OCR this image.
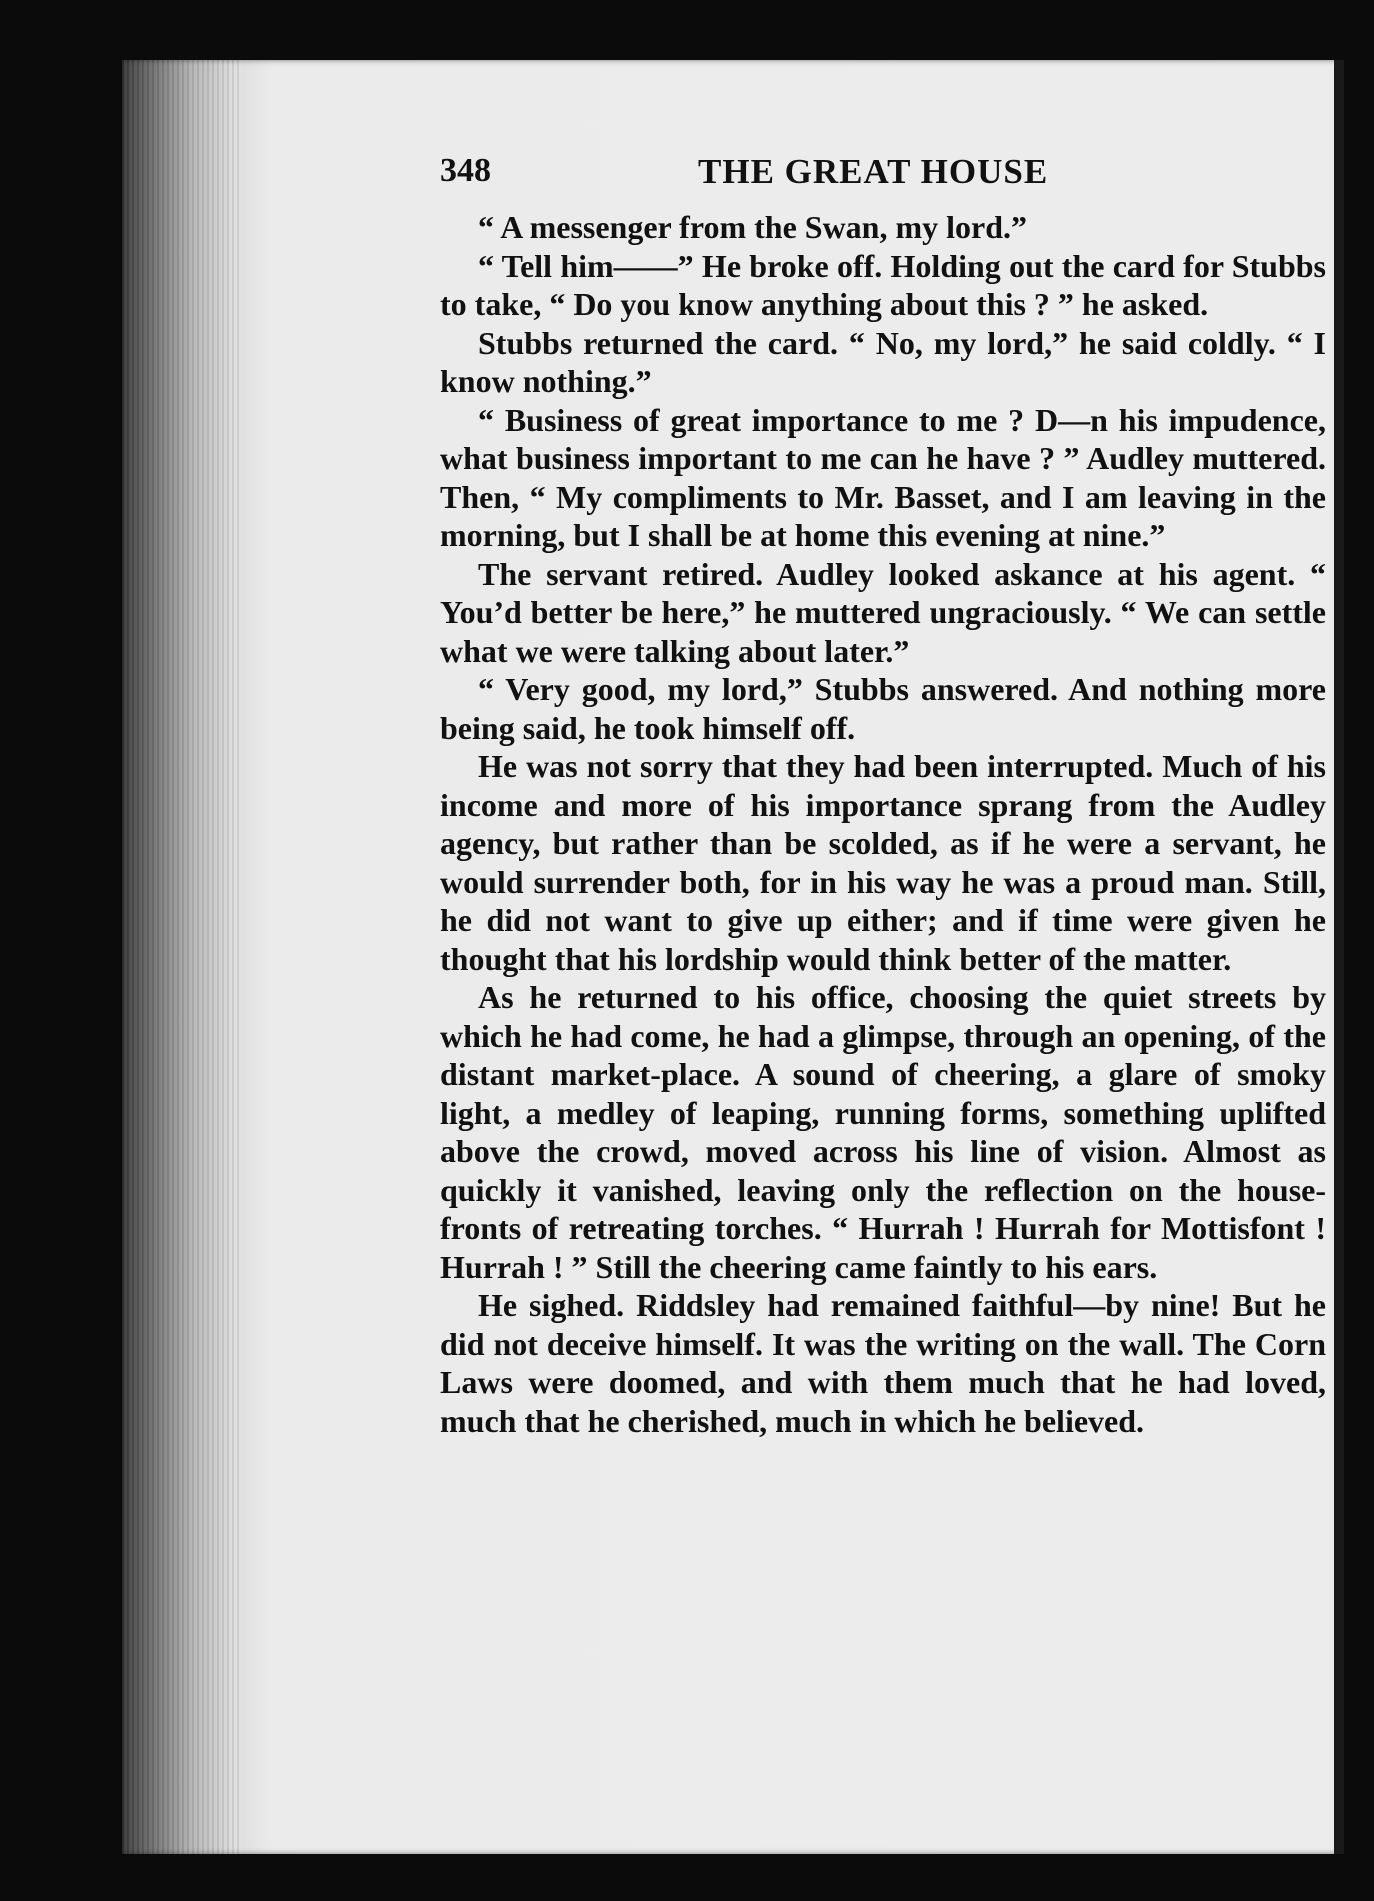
348	THE GREAT HOUSE

“ A messenger from the Swan, my lord.”

“ Tell him——” He broke off. Holding out the card for Stubbs to take, “ Do you know anything about this ? ” he asked.

Stubbs returned the card. “ No, my lord,” he said coldly. “ I know nothing.”

“ Business of great importance to me ? D—n his impudence, what business important to me can he have ? ” Audley muttered. Then, “ My compliments to Mr. Basset, and I am leaving in the morning, but I shall be at home this evening at nine.”

The servant retired. Audley looked askance at his agent. “ You’d better be here,” he muttered ungraciously. “ We can settle what we were talking about later.”

“ Very good, my lord,” Stubbs answered. And nothing more being said, he took himself off.

He was not sorry that they had been interrupted. Much of his income and more of his importance sprang from the Audley agency, but rather than be scolded, as if he were a servant, he would surrender both, for in his way he was a proud man. Still, he did not want to give up either; and if time were given he thought that his lordship would think better of the matter.

As he returned to his office, choosing the quiet streets by which he had come, he had a glimpse, through an opening, of the distant market-place. A sound of cheering, a glare of smoky light, a medley of leaping, running forms, something uplifted above the crowd, moved across his line of vision. Almost as quickly it vanished, leaving only the reflection on the house-fronts of retreating torches. “ Hurrah ! Hurrah for Mottisfont ! Hurrah ! ” Still the cheering came faintly to his ears.

He sighed. Riddsley had remained faithful—by nine! But he did not deceive himself. It was the writing on the wall. The Corn Laws were doomed, and with them much that he had loved, much that he cherished, much in which he believed.
